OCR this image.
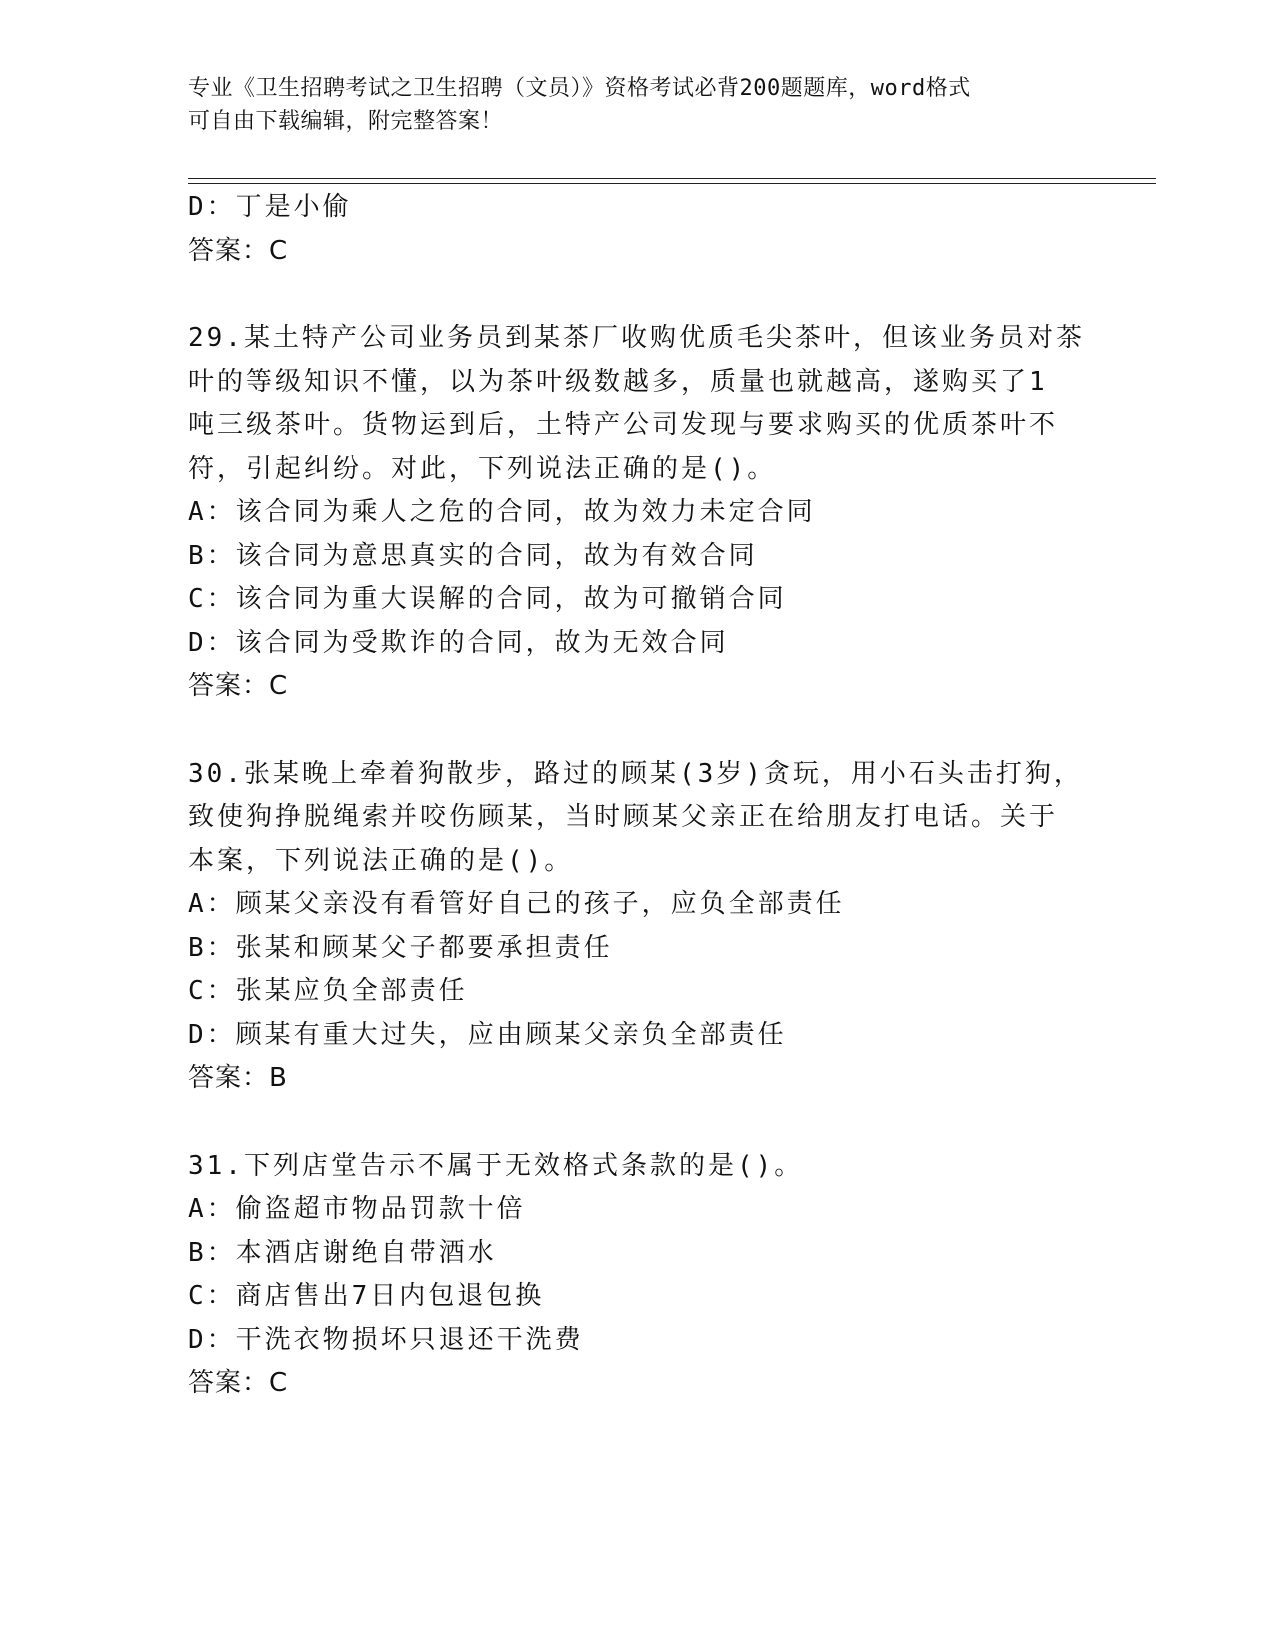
专业《卫生招聘考试之卫生招聘（文员）》资格考试必背200题题库，word格式
可自由下载编辑，附完整答案！
D：丁是小偷
答案：C
29.某土特产公司业务员到某茶厂收购优质毛尖茶叶，但该业务员对茶
叶的等级知识不懂，以为茶叶级数越多，质量也就越高，遂购买了1
吨三级茶叶。货物运到后，土特产公司发现与要求购买的优质茶叶不
符，引起纠纷。对此，下列说法正确的是()。
A：该合同为乘人之危的合同，故为效力未定合同
B：该合同为意思真实的合同，故为有效合同
C：该合同为重大误解的合同，故为可撤销合同
D：该合同为受欺诈的合同，故为无效合同
答案：C
30.张某晚上牵着狗散步，路过的顾某(3岁)贪玩，用小石头击打狗，
致使狗挣脱绳索并咬伤顾某，当时顾某父亲正在给朋友打电话。关于
本案，下列说法正确的是()。
A：顾某父亲没有看管好自己的孩子，应负全部责任
B：张某和顾某父子都要承担责任
C：张某应负全部责任
D：顾某有重大过失，应由顾某父亲负全部责任
答案：B
31.下列店堂告示不属于无效格式条款的是()。
A：偷盗超市物品罚款十倍
B：本酒店谢绝自带酒水
C：商店售出7日内包退包换
D：干洗衣物损坏只退还干洗费
答案：C
